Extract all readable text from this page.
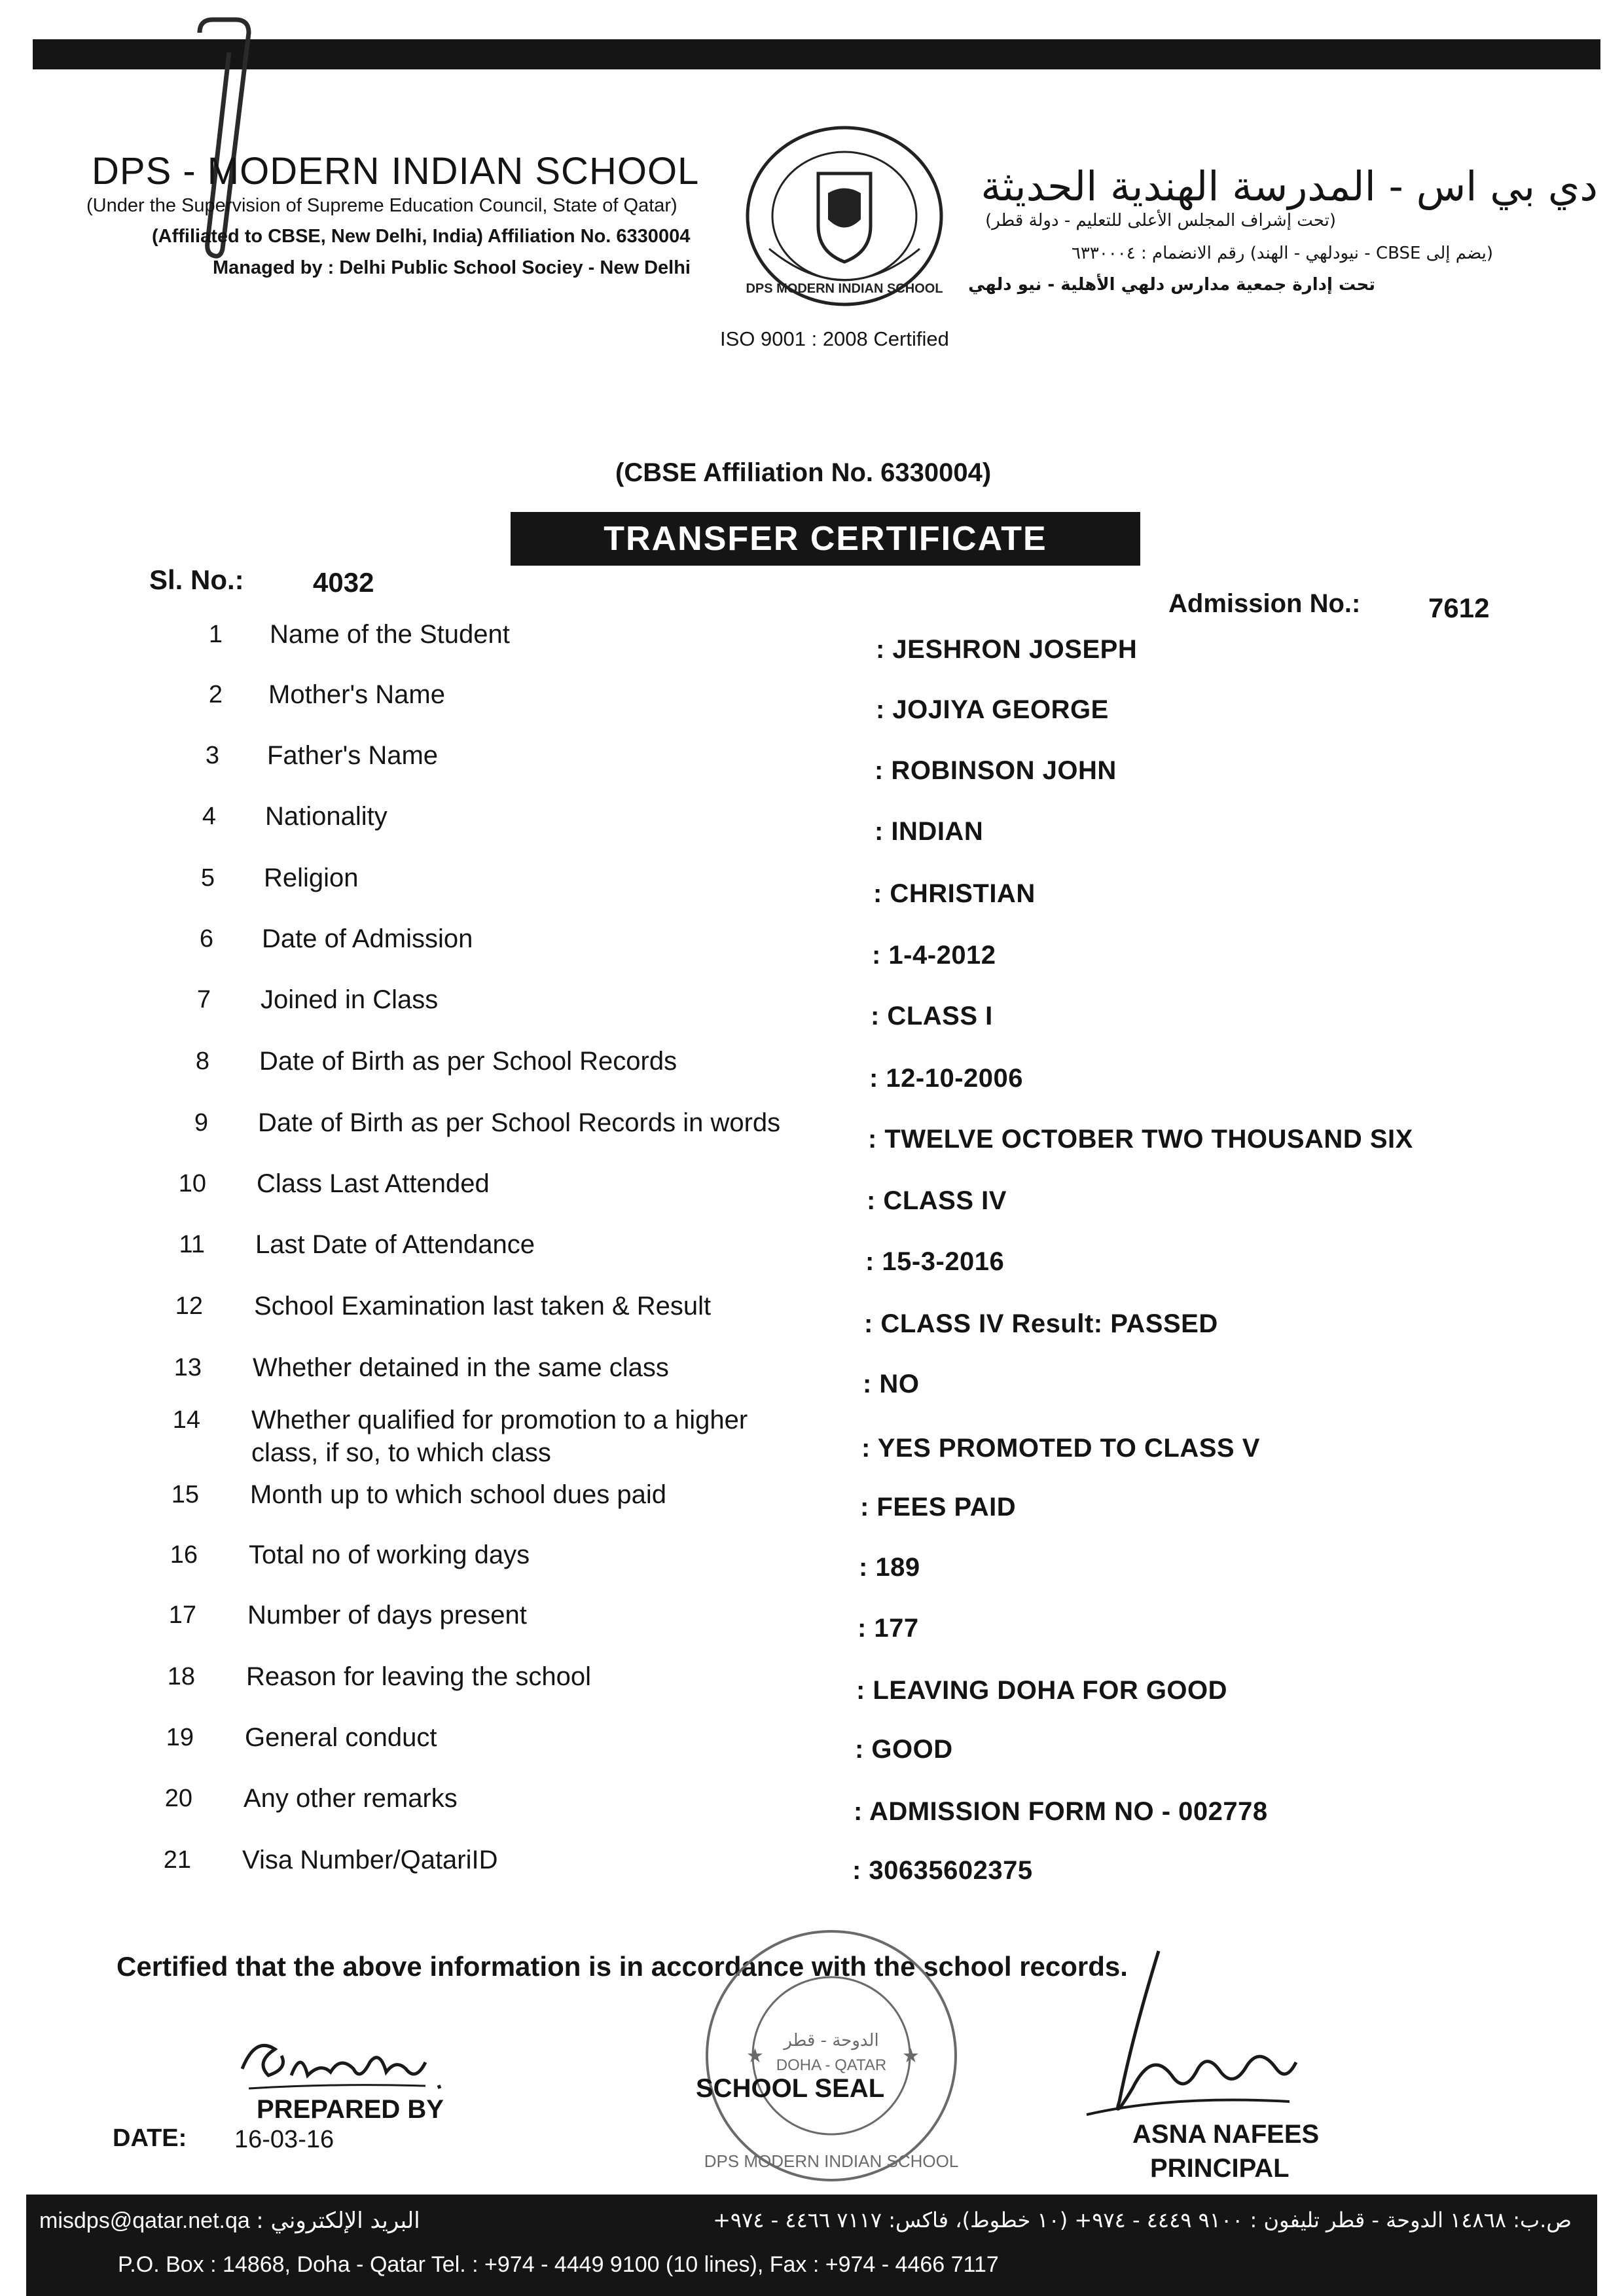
DPS - MODERN INDIAN SCHOOL
(Under the Supervision of Supreme Education Council, State of Qatar)
(Affiliated to CBSE, New Delhi, India) Affiliation No. 6330004
Managed by : Delhi Public School Sociey - New Delhi
DPS MODERN INDIAN SCHOOL
ISO 9001 : 2008 Certified
دي بي اس - المدرسة الهندية الحديثة
(تحت إشراف المجلس الأعلى للتعليم - دولة قطر)
(يضم إلى CBSE - نيودلهي - الهند) رقم الانضمام : ٦٣٣٠٠٠٤
تحت إدارة جمعية مدارس دلهي الأهلية - نيو دلهي
(CBSE Affiliation No. 6330004)
TRANSFER CERTIFICATE
Sl. No.:	4032
Admission No.: 7612
1 Name of the Student
: JESHRON JOSEPH
2 Mother's Name
: JOJIYA GEORGE
3 Father's Name
: ROBINSON JOHN
4 Nationality
: INDIAN
5 Religion
: CHRISTIAN
6 Date of Admission
: 1-4-2012
7 Joined in Class
: CLASS I
8 Date of Birth as per School Records
: 12-10-2006
9 Date of Birth as per School Records in words
: TWELVE OCTOBER TWO THOUSAND SIX
10 Class Last Attended
: CLASS IV
11 Last Date of Attendance
: 15-3-2016
12 School Examination last taken & Result
: CLASS IV Result: PASSED
13 Whether detained in the same class
: NO
14 Whether qualified for promotion to a higher
class, if so, to which class	: YES PROMOTED TO CLASS V
15 Month up to which school dues paid	: FEES PAID
16 Total no of working days	: 189
17 Number of days present	: 177
18 Reason for leaving the school	: LEAVING DOHA FOR GOOD
19 General conduct	: GOOD
20 Any other remarks	: ADMISSION FORM NO - 002778
21 Visa Number/QatariID	: 30635602375
Certified that the above information is in accordance with the school records.
الدوحة - قطر
DOHA - QATAR
DPS MODERN INDIAN SCHOOL
★	★
PREPARED BY
SCHOOL SEAL
DATE: 16-03-16	ASNA NAFEES
PRINCIPAL
misdps@qatar.net.qa : البريد الإلكتروني	ص.ب: ١٤٨٦٨ الدوحة - قطر تليفون : ٩١٠٠ ٤٤٤٩ - ٩٧٤+ (١٠ خطوط)، فاكس: ٧١١٧ ٤٤٦٦ - ٩٧٤+
P.O. Box : 14868, Doha - Qatar Tel. : +974 - 4449 9100 (10 lines), Fax : +974 - 4466 7117
